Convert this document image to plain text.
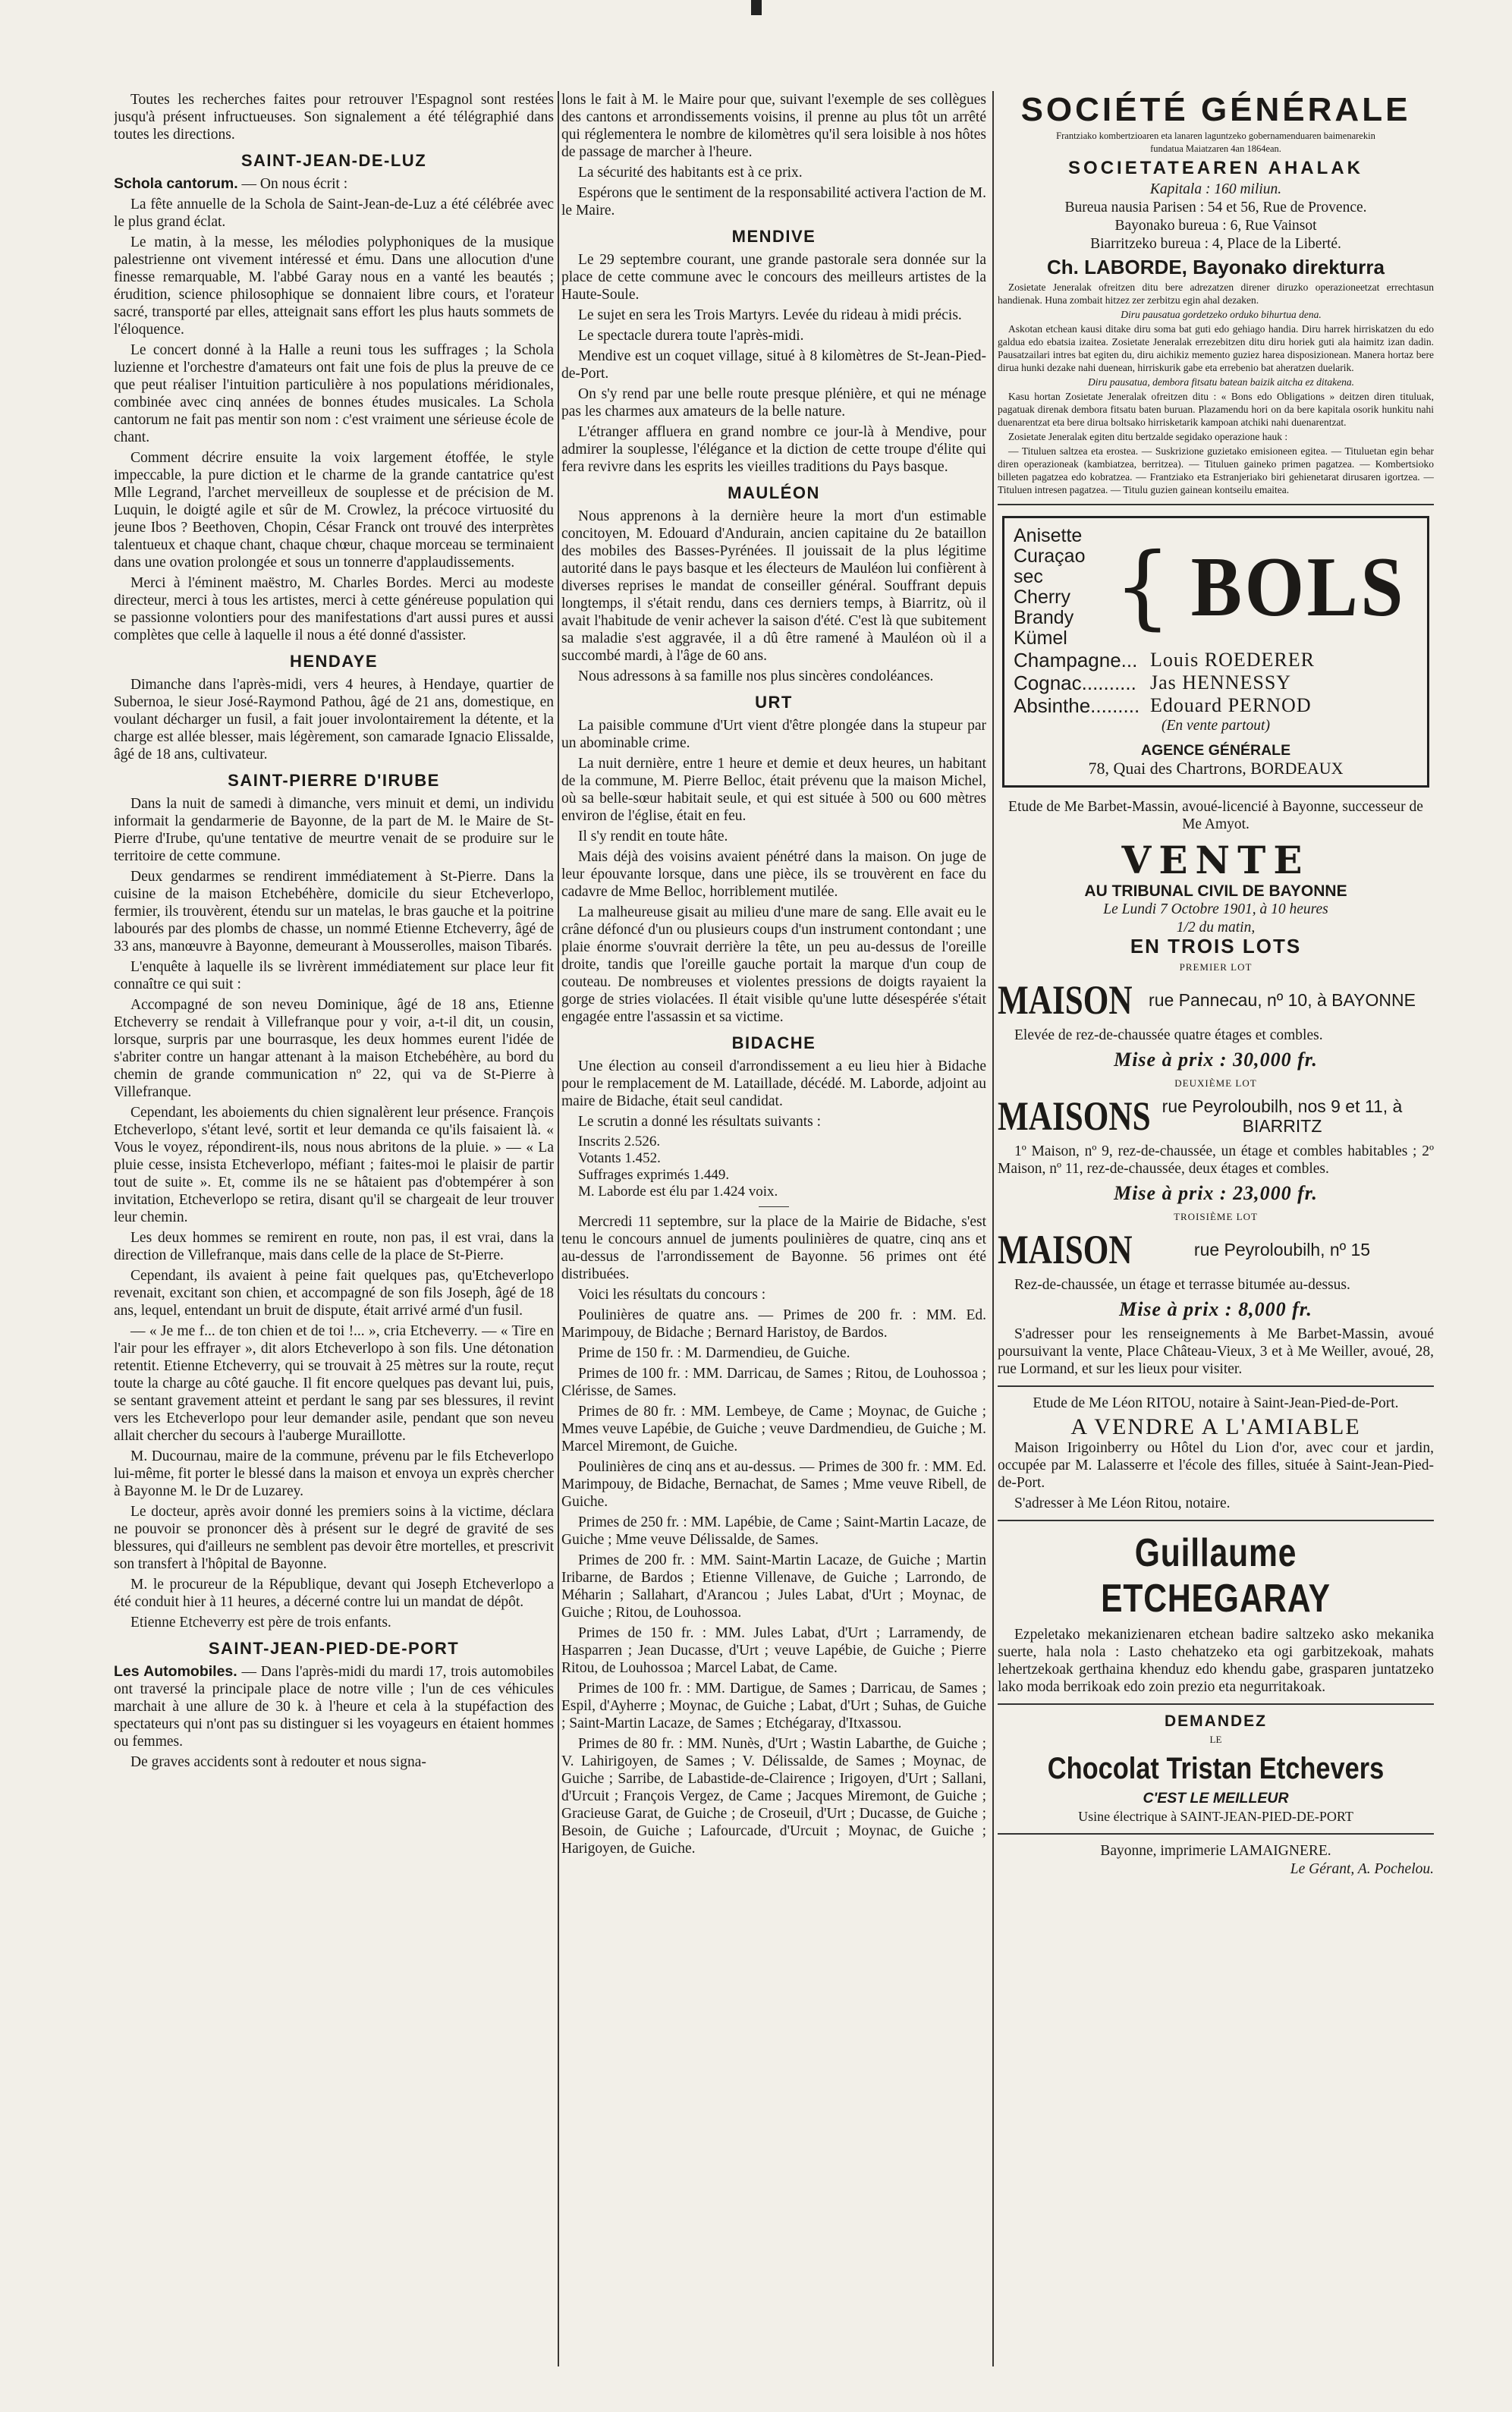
Toutes les recherches faites pour retrouver l'Espagnol sont restées jusqu'à présent infructueuses. Son signalement a été télégraphié dans toutes les directions.

SAINT-JEAN-DE-LUZ

Schola cantorum. — On nous écrit :

La fête annuelle de la Schola de Saint-Jean-de-Luz a été célébrée avec le plus grand éclat.

Le matin, à la messe, les mélodies polyphoniques de la musique palestrienne ont vivement intéressé et ému. Dans une allocution d'une finesse remarquable, M. l'abbé Garay nous en a vanté les beautés ; érudition, science philosophique se donnaient libre cours, et l'orateur sacré, transporté par elles, atteignait sans effort les plus hauts sommets de l'éloquence.

Le concert donné à la Halle a reuni tous les suffrages ; la Schola luzienne et l'orchestre d'amateurs ont fait une fois de plus la preuve de ce que peut réaliser l'intuition particulière à nos populations méridionales, combinée avec cinq années de bonnes études musicales. La Schola cantorum ne fait pas mentir son nom : c'est vraiment une sérieuse école de chant.

Comment décrire ensuite la voix largement étoffée, le style impeccable, la pure diction et le charme de la grande cantatrice qu'est Mlle Legrand, l'archet merveilleux de souplesse et de précision de M. Luquin, le doigté agile et sûr de M. Crowlez, la précoce virtuosité du jeune Ibos ? Beethoven, Chopin, César Franck ont trouvé des interprètes talentueux et chaque chant, chaque chœur, chaque morceau se terminaient dans une ovation prolongée et sous un tonnerre d'applaudissements.

Merci à l'éminent maëstro, M. Charles Bordes. Merci au modeste directeur, merci à tous les artistes, merci à cette généreuse population qui se passionne volontiers pour des manifestations d'art aussi pures et aussi complètes que celle à laquelle il nous a été donné d'assister.

HENDAYE

Dimanche dans l'après-midi, vers 4 heures, à Hendaye, quartier de Subernoa, le sieur José-Raymond Pathou, âgé de 21 ans, domestique, en voulant décharger un fusil, a fait jouer involontairement la détente, et la charge est allée blesser, mais légèrement, son camarade Ignacio Elissalde, âgé de 18 ans, cultivateur.

SAINT-PIERRE D'IRUBE

Dans la nuit de samedi à dimanche, vers minuit et demi, un individu informait la gendarmerie de Bayonne, de la part de M. le Maire de St-Pierre d'Irube, qu'une tentative de meurtre venait de se produire sur le territoire de cette commune.

Deux gendarmes se rendirent immédiatement à St-Pierre. Dans la cuisine de la maison Etchebéhère, domicile du sieur Etcheverlopo, fermier, ils trouvèrent, étendu sur un matelas, le bras gauche et la poitrine labourés par des plombs de chasse, un nommé Etienne Etcheverry, âgé de 33 ans, manœuvre à Bayonne, demeurant à Mousserolles, maison Tibarés.

L'enquête à laquelle ils se livrèrent immédiatement sur place leur fit connaître ce qui suit :

Accompagné de son neveu Dominique, âgé de 18 ans, Etienne Etcheverry se rendait à Villefranque pour y voir, a-t-il dit, un cousin, lorsque, surpris par une bourrasque, les deux hommes eurent l'idée de s'abriter contre un hangar attenant à la maison Etchebéhère, au bord du chemin de grande communication nº 22, qui va de St-Pierre à Villefranque.

Cependant, les aboiements du chien signalèrent leur présence. François Etcheverlopo, s'étant levé, sortit et leur demanda ce qu'ils faisaient là. « Vous le voyez, répondirent-ils, nous nous abritons de la pluie. » — « La pluie cesse, insista Etcheverlopo, méfiant ; faites-moi le plaisir de partir tout de suite ». Et, comme ils ne se hâtaient pas d'obtempérer à son invitation, Etcheverlopo se retira, disant qu'il se chargeait de leur trouver leur chemin.

Les deux hommes se remirent en route, non pas, il est vrai, dans la direction de Villefranque, mais dans celle de la place de St-Pierre.

Cependant, ils avaient à peine fait quelques pas, qu'Etcheverlopo revenait, excitant son chien, et accompagné de son fils Joseph, âgé de 18 ans, lequel, entendant un bruit de dispute, était arrivé armé d'un fusil.

— « Je me f... de ton chien et de toi !... », cria Etcheverry. — « Tire en l'air pour les effrayer », dit alors Etcheverlopo à son fils. Une détonation retentit. Etienne Etcheverry, qui se trouvait à 25 mètres sur la route, reçut toute la charge au côté gauche. Il fit encore quelques pas devant lui, puis, se sentant gravement atteint et perdant le sang par ses blessures, il revint vers les Etcheverlopo pour leur demander asile, pendant que son neveu allait chercher du secours à l'auberge Muraillotte.

M. Ducournau, maire de la commune, prévenu par le fils Etcheverlopo lui-même, fit porter le blessé dans la maison et envoya un exprès chercher à Bayonne M. le Dr de Luzarey.

Le docteur, après avoir donné les premiers soins à la victime, déclara ne pouvoir se prononcer dès à présent sur le degré de gravité de ses blessures, qui d'ailleurs ne semblent pas devoir être mortelles, et prescrivit son transfert à l'hôpital de Bayonne.

M. le procureur de la République, devant qui Joseph Etcheverlopo a été conduit hier à 11 heures, a décerné contre lui un mandat de dépôt.

Etienne Etcheverry est père de trois enfants.

SAINT-JEAN-PIED-DE-PORT

Les Automobiles. — Dans l'après-midi du mardi 17, trois automobiles ont traversé la principale place de notre ville ; l'un de ces véhicules marchait à une allure de 30 k. à l'heure et cela à la stupéfaction des spectateurs qui n'ont pas su distinguer si les voyageurs en étaient hommes ou femmes.

De graves accidents sont à redouter et nous signa-

lons le fait à M. le Maire pour que, suivant l'exemple de ses collègues des cantons et arrondissements voisins, il prenne au plus tôt un arrêté qui réglementera le nombre de kilomètres qu'il sera loisible à nos hôtes de passage de marcher à l'heure.

La sécurité des habitants est à ce prix.

Espérons que le sentiment de la responsabilité activera l'action de M. le Maire.

MENDIVE

Le 29 septembre courant, une grande pastorale sera donnée sur la place de cette commune avec le concours des meilleurs artistes de la Haute-Soule.

Le sujet en sera les Trois Martyrs. Levée du rideau à midi précis.

Le spectacle durera toute l'après-midi.

Mendive est un coquet village, situé à 8 kilomètres de St-Jean-Pied-de-Port.

On s'y rend par une belle route presque plénière, et qui ne ménage pas les charmes aux amateurs de la belle nature.

L'étranger affluera en grand nombre ce jour-là à Mendive, pour admirer la souplesse, l'élégance et la diction de cette troupe d'élite qui fera revivre dans les esprits les vieilles traditions du Pays basque.

MAULÉON

Nous apprenons à la dernière heure la mort d'un estimable concitoyen, M. Edouard d'Andurain, ancien capitaine du 2e bataillon des mobiles des Basses-Pyrénées. Il jouissait de la plus légitime autorité dans le pays basque et les électeurs de Mauléon lui confièrent à diverses reprises le mandat de conseiller général. Souffrant depuis longtemps, il s'était rendu, dans ces derniers temps, à Biarritz, où il avait l'habitude de venir achever la saison d'été. C'est là que subitement sa maladie s'est aggravée, il a dû être ramené à Mauléon où il a succombé mardi, à l'âge de 60 ans.

Nous adressons à sa famille nos plus sincères condoléances.

URT

La paisible commune d'Urt vient d'être plongée dans la stupeur par un abominable crime.

La nuit dernière, entre 1 heure et demie et deux heures, un habitant de la commune, M. Pierre Belloc, était prévenu que la maison Michel, où sa belle-sœur habitait seule, et qui est située à 500 ou 600 mètres environ de l'église, était en feu.

Il s'y rendit en toute hâte.

Mais déjà des voisins avaient pénétré dans la maison. On juge de leur épouvante lorsque, dans une pièce, ils se trouvèrent en face du cadavre de Mme Belloc, horriblement mutilée.

La malheureuse gisait au milieu d'une mare de sang. Elle avait eu le crâne défoncé d'un ou plusieurs coups d'un instrument contondant ; une plaie énorme s'ouvrait derrière la tête, un peu au-dessus de l'oreille droite, tandis que l'oreille gauche portait la marque d'un coup de couteau. De nombreuses et violentes pressions de doigts rayaient la gorge de stries violacées. Il était visible qu'une lutte désespérée s'était engagée entre l'assassin et sa victime.

BIDACHE

Une élection au conseil d'arrondissement a eu lieu hier à Bidache pour le remplacement de M. Lataillade, décédé. M. Laborde, adjoint au maire de Bidache, était seul candidat.

Le scrutin a donné les résultats suivants :

Inscrits 2.526.
Votants 1.452.
Suffrages exprimés 1.449.
M. Laborde est élu par 1.424 voix.

Mercredi 11 septembre, sur la place de la Mairie de Bidache, s'est tenu le concours annuel de juments poulinières de quatre, cinq ans et au-dessus de l'arrondissement de Bayonne. 56 primes ont été distribuées.

Voici les résultats du concours :

Poulinières de quatre ans. — Primes de 200 fr. : MM. Ed. Marimpouy, de Bidache ; Bernard Haristoy, de Bardos.

Prime de 150 fr. : M. Darmendieu, de Guiche.

Primes de 100 fr. : MM. Darricau, de Sames ; Ritou, de Louhossoa ; Clérisse, de Sames.

Primes de 80 fr. : MM. Lembeye, de Came ; Moynac, de Guiche ; Mmes veuve Lapébie, de Guiche ; veuve Dardmendieu, de Guiche ; M. Marcel Miremont, de Guiche.

Poulinières de cinq ans et au-dessus. — Primes de 300 fr. : MM. Ed. Marimpouy, de Bidache, Bernachat, de Sames ; Mme veuve Ribell, de Guiche.

Primes de 250 fr. : MM. Lapébie, de Came ; Saint-Martin Lacaze, de Guiche ; Mme veuve Délissalde, de Sames.

Primes de 200 fr. : MM. Saint-Martin Lacaze, de Guiche ; Martin Iribarne, de Bardos ; Etienne Villenave, de Guiche ; Larrondo, de Méharin ; Sallahart, d'Arancou ; Jules Labat, d'Urt ; Moynac, de Guiche ; Ritou, de Louhossoa.

Primes de 150 fr. : MM. Jules Labat, d'Urt ; Larramendy, de Hasparren ; Jean Ducasse, d'Urt ; veuve Lapébie, de Guiche ; Pierre Ritou, de Louhossoa ; Marcel Labat, de Came.

Primes de 100 fr. : MM. Dartigue, de Sames ; Darricau, de Sames ; Espil, d'Ayherre ; Moynac, de Guiche ; Labat, d'Urt ; Suhas, de Guiche ; Saint-Martin Lacaze, de Sames ; Etchégaray, d'Itxassou.

Primes de 80 fr. : MM. Nunès, d'Urt ; Wastin Labarthe, de Guiche ; V. Lahirigoyen, de Sames ; V. Délissalde, de Sames ; Moynac, de Guiche ; Sarribe, de Labastide-de-Clairence ; Irigoyen, d'Urt ; Sallani, d'Urcuit ; François Vergez, de Came ; Jacques Miremont, de Guiche ; Gracieuse Garat, de Guiche ; de Croseuil, d'Urt ; Ducasse, de Guiche ; Besoin, de Guiche ; Lafourcade, d'Urcuit ; Moynac, de Guiche ; Harigoyen, de Guiche.

SOCIÉTÉ GÉNÉRALE
Frantziako kombertzioaren eta lanaren laguntzeko gobernamenduaren baimenarekin
fundatua Maiatzaren 4an 1864ean.
SOCIETATEAREN AHALAK
Kapitala : 160 miliun.
Bureua nausia Parisen : 54 et 56, Rue de Provence.
Bayonako bureua : 6, Rue Vainsot
Biarritzeko bureua : 4, Place de la Liberté.
Ch. LABORDE, Bayonako direkturra

Zosietate Jeneralak ofreitzen ditu bere adrezatzen direner diruzko operazioneetzat errechtasun handienak. Huna zombait hitzez zer zerbitzu egin ahal dezaken.

Diru pausatua gordetzeko orduko bihurtua dena.

Askotan etchean kausi ditake diru soma bat guti edo gehiago handia. Diru harrek hirriskatzen du edo galdua edo ebatsia izaitea. Zosietate Jeneralak errezebitzen ditu diru horiek guti ala haimitz izan dadin. Pausatzailari intres bat egiten du, diru aichikiz memento guziez harea disposizionean. Manera hortaz bere dirua hunki dezake nahi duenean, hirriskurik gabe eta errebenio bat aheratzen duelarik.

Diru pausatua, dembora fitsatu batean baizik aitcha ez ditakena.

Kasu hortan Zosietate Jeneralak ofreitzen ditu : « Bons edo Obligations » deitzen diren tituluak, pagatuak direnak dembora fitsatu baten buruan. Plazamendu hori on da bere kapitala osorik hunkitu nahi duenarentzat eta bere dirua boltsako hirrisketarik kampoan atchiki nahi duenarentzat.

Zosietate Jeneralak egiten ditu bertzalde segidako operazione hauk :

— Tituluen saltzea eta erostea. — Suskrizione guzietako emisioneen egitea. — Tituluetan egin behar diren operazioneak (kambiatzea, berritzea). — Tituluen gaineko primen pagatzea. — Kombertsioko billeten pagatzea edo kobratzea. — Frantziako eta Estranjeriako biri gehienetarat dirusaren igortzea. — Tituluen intresen pagatzea. — Titulu guzien gainean kontseilu emaitea.

Anisette
Curaçao sec
Cherry Brandy
Kümel { BOLS
Champagne... Louis ROEDERER
Cognac.......... Jas HENNESSY
Absinthe......... Edouard PERNOD
(En vente partout)
AGENCE GÉNÉRALE
78, Quai des Chartrons, BORDEAUX

Etude de Me Barbet-Massin, avoué-licencié à Bayonne, successeur de Me Amyot.

VENTE
AU TRIBUNAL CIVIL DE BAYONNE
Le Lundi 7 Octobre 1901, à 10 heures
1/2 du matin,
EN TROIS LOTS
PREMIER LOT
MAISON rue Pannecau, nº 10, à BAYONNE

Elevée de rez-de-chaussée quatre étages et combles.

Mise à prix : 30,000 fr.
DEUXIÈME LOT
MAISONS rue Peyroloubilh, nos 9 et 11, à BIARRITZ

1º Maison, nº 9, rez-de-chaussée, un étage et combles habitables ; 2º Maison, nº 11, rez-de-chaussée, deux étages et combles.

Mise à prix : 23,000 fr.
TROISIÈME LOT
MAISON	rue Peyroloubilh, nº 15

Rez-de-chaussée, un étage et terrasse bitumée au-dessus.

Mise à prix : 8,000 fr.

S'adresser pour les renseignements à Me Barbet-Massin, avoué poursuivant la vente, Place Château-Vieux, 3 et à Me Weiller, avoué, 28, rue Lormand, et sur les lieux pour visiter.

Etude de Me Léon RITOU, notaire à Saint-Jean-Pied-de-Port.

A VENDRE A L'AMIABLE

Maison Irigoinberry ou Hôtel du Lion d'or, avec cour et jardin, occupée par M. Lalasserre et l'école des filles, située à Saint-Jean-Pied-de-Port.

S'adresser à Me Léon Ritou, notaire.

Guillaume ETCHEGARAY

Ezpeletako mekanizienaren etchean badire saltzeko asko mekanika suerte, hala nola : Lasto chehatzeko eta ogi garbitzekoak, mahats lehertzekoak gerthaina khenduz edo khendu gabe, grasparen juntatzeko lako moda berrikoak edo zoin prezio eta negurritakoak.

DEMANDEZ
LE
Chocolat Tristan Etchevers
C'EST LE MEILLEUR
Usine électrique à SAINT-JEAN-PIED-DE-PORT
Bayonne, imprimerie LAMAIGNERE.
Le Gérant, A. Pochelou.
